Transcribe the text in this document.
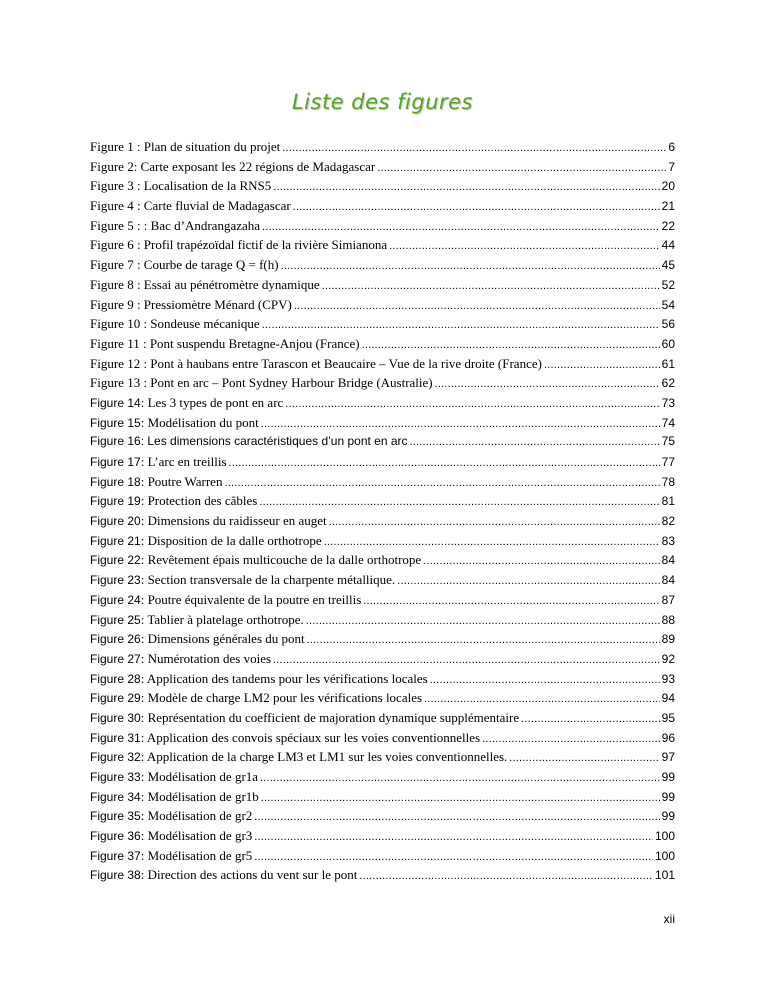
Liste des figures
Figure 1 : Plan de situation du projet .....	6
Figure 2: Carte exposant les 22 régions de Madagascar .....	7
Figure 3 : Localisation de la RNS5 .....	20
Figure 4 : Carte fluvial de Madagascar .....	21
Figure 5 : : Bac d’Andrangazaha .....	22
Figure 6 : Profil trapézoïdal fictif de la rivière Simianona .....	44
Figure 7 : Courbe de tarage Q = f(h) .....	45
Figure 8 : Essai au pénétromètre dynamique .....	52
Figure 9 : Pressiomètre Ménard (CPV) .....	54
Figure 10 : Sondeuse mécanique .....	56
Figure 11 : Pont suspendu Bretagne-Anjou (France) .....	60
Figure 12 : Pont à haubans entre Tarascon et Beaucaire – Vue de la rive droite (France) .....	61
Figure 13 : Pont en arc – Pont Sydney Harbour Bridge (Australie) .....	62
Figure 14 : Les 3 types de pont en arc .....	73
Figure 15 : Modélisation du pont .....	74
Figure 16 : Les dimensions caractéristiques d’un pont en arc .....	75
Figure 17 : L’arc en treillis .....	77
Figure 18 : Poutre Warren .....	78
Figure 19 : Protection des câbles .....	81
Figure 20 : Dimensions du raidisseur en auget .....	82
Figure 21 : Disposition de la dalle orthotrope .....	83
Figure 22 : Revêtement épais multicouche de la dalle orthotrope .....	84
Figure 23 : Section transversale de la charpente métallique. .....	84
Figure 24 : Poutre équivalente de la poutre en treillis .....	87
Figure 25 : Tablier à platelage orthotrope. .....	88
Figure 26 : Dimensions générales du pont .....	89
Figure 27 : Numérotation des voies .....	92
Figure 28 : Application des tandems pour les vérifications locales .....	93
Figure 29 : Modèle de charge LM2 pour les vérifications locales .....	94
Figure 30 : Représentation du coefficient de majoration dynamique supplémentaire .....	95
Figure 31 : Application des convois spéciaux sur les voies conventionnelles .....	96
Figure 32 : Application de la charge LM3 et LM1 sur les voies conventionnelles. .....	97
Figure 33 : Modélisation de gr1a .....	99
Figure 34 : Modélisation de gr1b .....	99
Figure 35 : Modélisation de gr2 .....	99
Figure 36 : Modélisation de gr3 .....	100
Figure 37 : Modélisation de gr5 .....	100
Figure 38 : Direction des actions du vent sur le pont .....	101
xii
